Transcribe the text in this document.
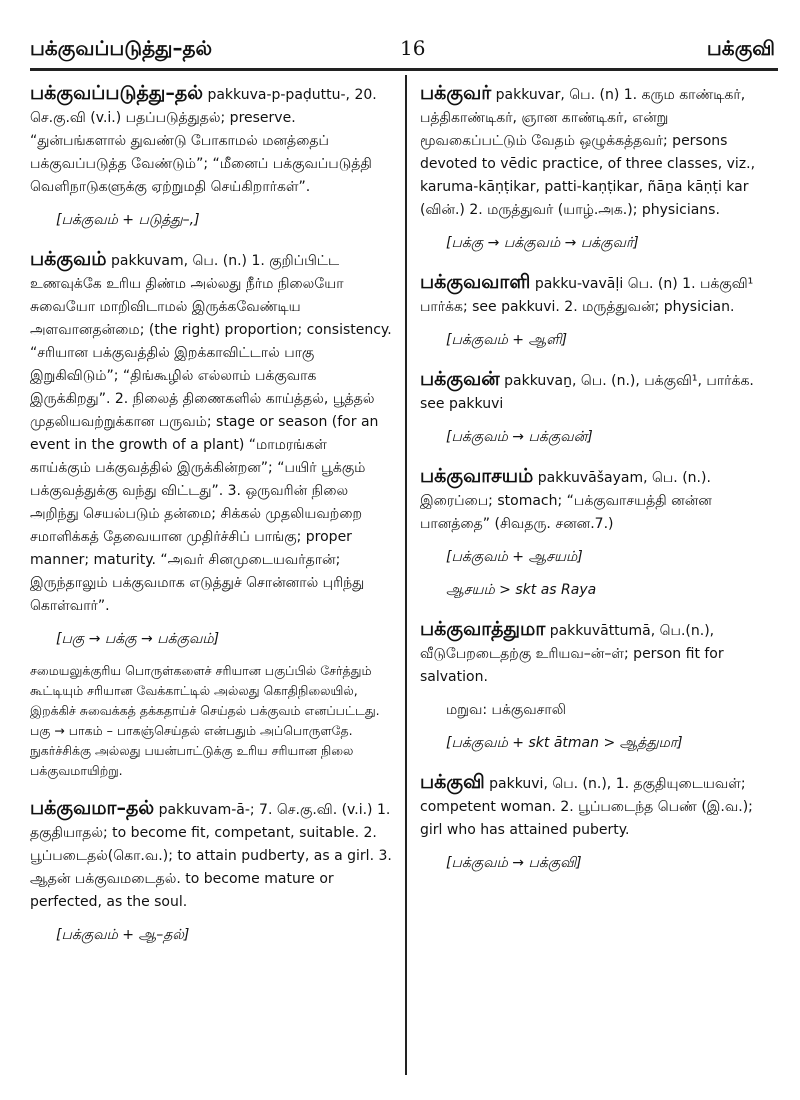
பக்குவப்படுத்து–தல்	16	பக்குவி

பக்குவப்படுத்து–தல் pakkuva-p-paḍuttu-, 20. செ.கு.வி (v.i.) பதப்படுத்துதல்; preserve. “துன்பங்களால் துவண்டு போகாமல் மனத்தைப் பக்குவப்படுத்த வேண்டும்”; “மீனைப் பக்குவப்படுத்தி வெளிநாடுகளுக்கு ஏற்றுமதி செய்கிறார்கள்”.

[பக்குவம் + படுத்து–,]

பக்குவம் pakkuvam, பெ. (n.) 1. குறிப்பிட்ட உணவுக்கே உரிய திண்ம அல்லது நீர்ம நிலையோ சுவையோ மாறிவிடாமல் இருக்கவேண்டிய அளவானதன்மை; (the right) proportion; consistency. “சரியான பக்குவத்தில் இறக்காவிட்டால் பாகு இறுகிவிடும்”; “திங்கூழில் எல்லாம் பக்குவாக இருக்கிறது”. 2. நிலைத் திணைகளில் காய்த்தல், பூத்தல் முதலியவற்றுக்கான பருவம்; stage or season (for an event in the growth of a plant) “மாமரங்கள் காய்க்கும் பக்குவத்தில் இருக்கின்றன”; “பயிர் பூக்கும் பக்குவத்துக்கு வந்து விட்டது”. 3. ஒருவரின் நிலை அறிந்து செயல்படும் தன்மை; சிக்கல் முதலியவற்றை சமாளிக்கத் தேவையான முதிர்ச்சிப் பாங்கு; proper manner; maturity. “அவர் சினமுடையவர்தான்; இருந்தாலும் பக்குவமாக எடுத்துச் சொன்னால் புரிந்து கொள்வார்”.

[பகு → பக்கு → பக்குவம்]

சமையலுக்குரிய பொருள்களைச் சரியான பகுப்பில் சேர்த்தும் கூட்டியும் சரியான வேக்காட்டில் அல்லது கொதிநிலையில், இறக்கிச் சுவைக்கத் தக்கதாய்ச் செய்தல் பக்குவம் எனப்பட்டது. பகு → பாகம் – பாகஞ்செய்தல் என்பதும் அப்பொருளதே. நுகர்ச்சிக்கு அல்லது பயன்பாட்டுக்கு உரிய சரியான நிலை பக்குவமாயிற்று.

பக்குவமா–தல் pakkuvam-ā-; 7. செ.கு.வி. (v.i.) 1. தகுதியாதல்; to become fit, competant, suitable. 2. பூப்படைதல்(கொ.வ.); to attain pudberty, as a girl. 3. ஆதன் பக்குவமடைதல். to become mature or perfected, as the soul.

[பக்குவம் + ஆ–தல்]

பக்குவர் pakkuvar, பெ. (n) 1. கரும காண்டிகர், பத்திகாண்டிகர், ஞான காண்டிகர், என்று மூவகைப்பட்டும் வேதம் ஒழுக்கத்தவர்; persons devoted to vēdic practice, of three classes, viz., karuma-kāṇṭikar, patti-kaṇṭikar, ñāṉa kāṇṭi kar (வின்.) 2. மருத்துவர் (யாழ்.அக.); physicians.

[பக்கு → பக்குவம் → பக்குவர்]

பக்குவவாளி pakku-vavāḷi பெ. (n) 1. பக்குவி¹ பார்க்க; see pakkuvi. 2. மருத்துவன்; physician.

[பக்குவம் + ஆளி]

பக்குவன் pakkuvaṉ, பெ. (n.), பக்குவி¹, பார்க்க. see pakkuvi

[பக்குவம் → பக்குவன்]

பக்குவாசயம் pakkuvāšayam, பெ. (n.). இரைப்பை; stomach; “பக்குவாசயத்தி னன்ன பானத்தை” (சிவதரு. சனன.7.)

[பக்குவம் + ஆசயம்]

ஆசயம் > skt as Raya

பக்குவாத்துமா pakkuvāttumā, பெ.(n.), வீடுபேறடைதற்கு உரியவ–ன்–ள்; person fit for salvation.

மறுவ: பக்குவசாலி

[பக்குவம் + skt ātman > ஆத்துமா]

பக்குவி pakkuvi, பெ. (n.), 1. தகுதியுடையவள்; competent woman. 2. பூப்படைந்த பெண் (இ.வ.); girl who has attained puberty.

[பக்குவம் → பக்குவி]
